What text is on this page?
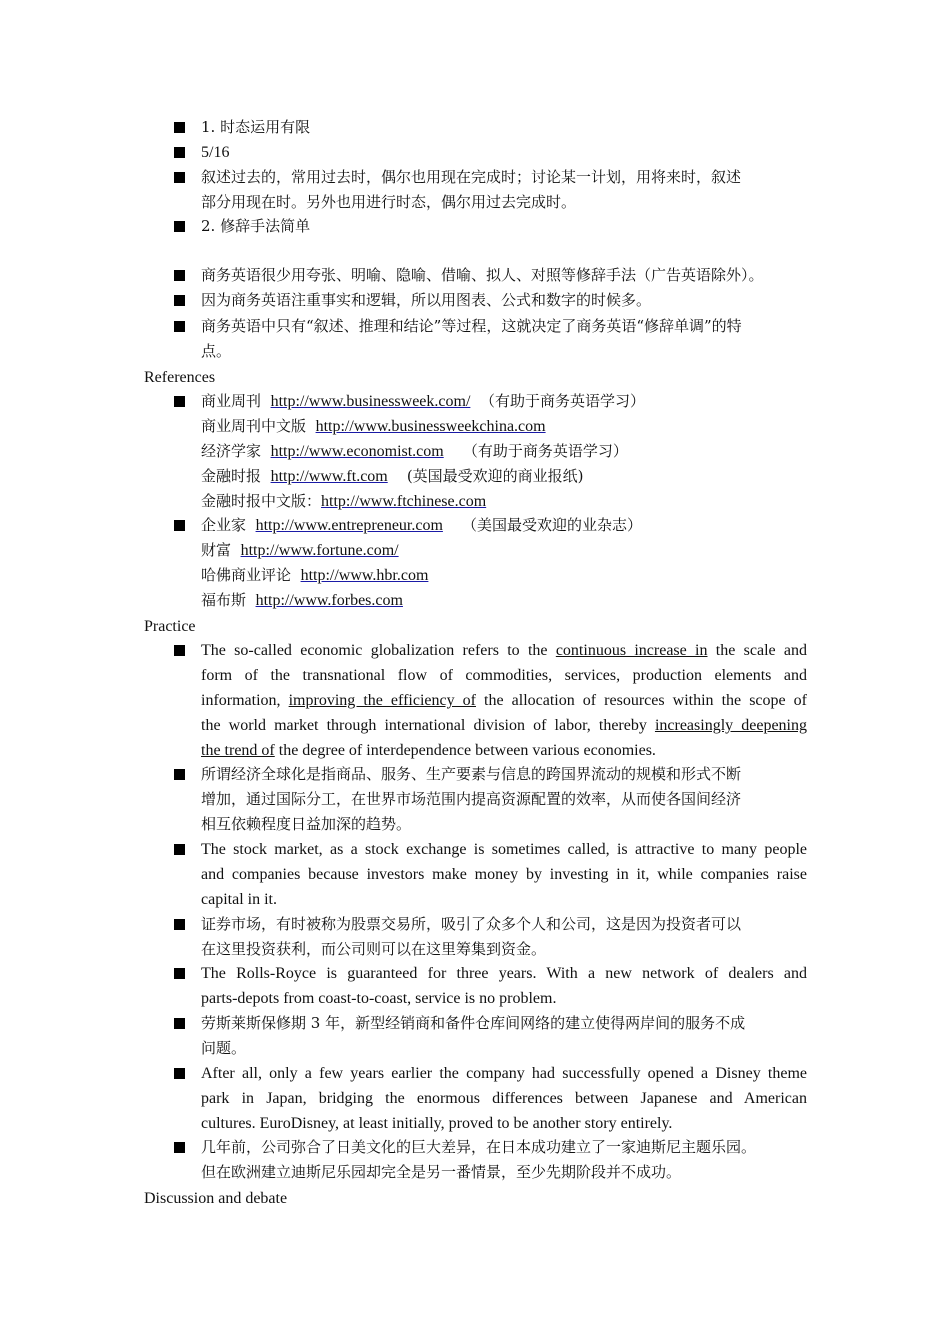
1. 时态运用有限
5/16
叙述过去的，常用过去时，偶尔也用现在完成时；讨论某一计划，用将来时，叙述
部分用现在时。另外也用进行时态，偶尔用过去完成时。
2. 修辞手法简单
商务英语很少用夸张、明喻、隐喻、借喻、拟人、对照等修辞手法（广告英语除外）。
因为商务英语注重事实和逻辑，所以用图表、公式和数字的时候多。
商务英语中只有“叙述、推理和结论”等过程，这就决定了商务英语“修辞单调”的特
点。
References
商业周刊 http://www.businessweek.com/ （有助于商务英语学习）
商业周刊中文版 http://www.businessweekchina.com
经济学家 http://www.economist.com （有助于商务英语学习）
金融时报 http://www.ft.com (英国最受欢迎的商业报纸)
金融时报中文版：http://www.ftchinese.com
企业家 http://www.entrepreneur.com （美国最受欢迎的业杂志）
财富 http://www.fortune.com/
哈佛商业评论 http://www.hbr.com
福布斯 http://www.forbes.com
Practice
The so-called economic globalization refers to the continuous increase in the scale and
form of the transnational flow of commodities, services, production elements and
information, improving the efficiency of the allocation of resources within the scope of
the world market through international division of labor, thereby increasingly deepening
the trend of the degree of interdependence between various economies.
所谓经济全球化是指商品、服务、生产要素与信息的跨国界流动的规模和形式不断
增加，通过国际分工，在世界市场范围内提高资源配置的效率，从而使各国间经济
相互依赖程度日益加深的趋势。
The stock market, as a stock exchange is sometimes called, is attractive to many people
and companies because investors make money by investing in it, while companies raise
capital in it.
证券市场，有时被称为股票交易所，吸引了众多个人和公司，这是因为投资者可以
在这里投资获利，而公司则可以在这里筹集到资金。
The Rolls-Royce is guaranteed for three years. With a new network of dealers and
parts-depots from coast-to-coast, service is no problem.
劳斯莱斯保修期 3 年，新型经销商和备件仓库间网络的建立使得两岸间的服务不成
问题。
After all, only a few years earlier the company had successfully opened a Disney theme
park in Japan, bridging the enormous differences between Japanese and American
cultures. EuroDisney, at least initially, proved to be another story entirely.
几年前，公司弥合了日美文化的巨大差异，在日本成功建立了一家迪斯尼主题乐园。
但在欧洲建立迪斯尼乐园却完全是另一番情景，至少先期阶段并不成功。
Discussion and debate
